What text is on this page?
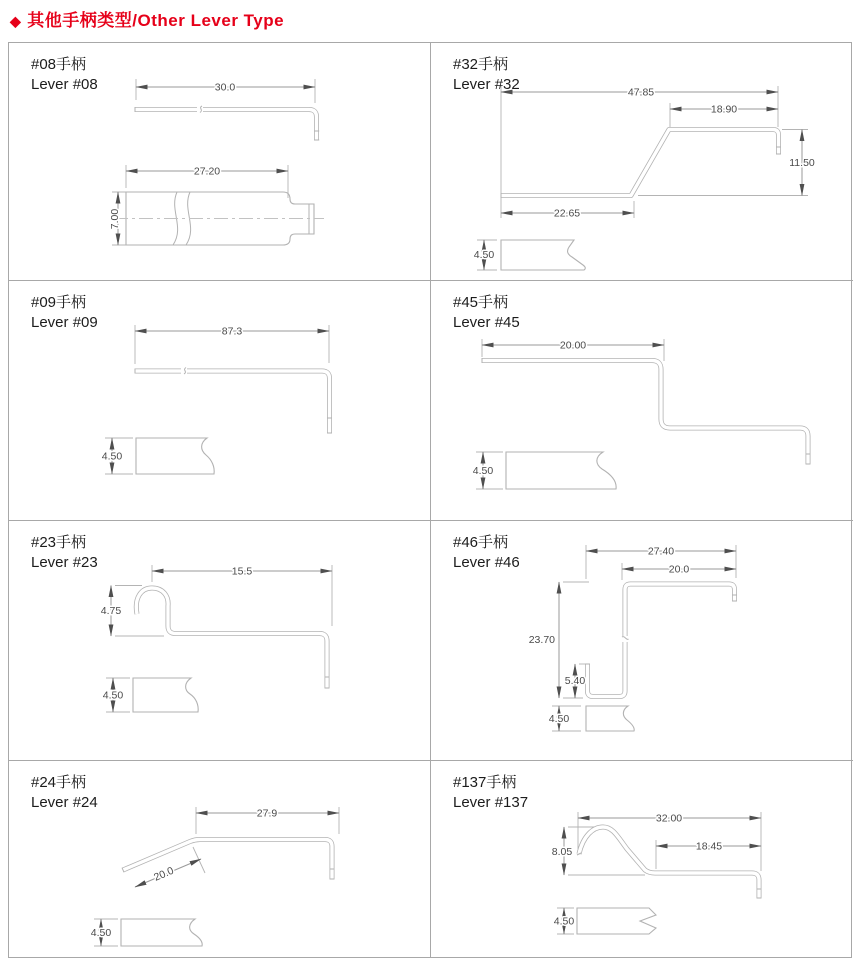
◆ 其他手柄类型/Other Lever Type
#08手柄
Lever #08	30.0
27.20
7.00
#32手柄
Lever #32	47.85
18.90
22.65
11.50
4.50
#09手柄
Lever #09
87.3
4.50
#45手柄
Lever #45
20.00
4.50
#23手柄
Lever #23
15.5
4.75
4.50
#46手柄
Lever #46
27.40
20.0
23.70
5.40
4.50
#24手柄
Lever #24
27.9
20.0
4.50
#137手柄
Lever #137
32.00
18.45
8.05
4.50
